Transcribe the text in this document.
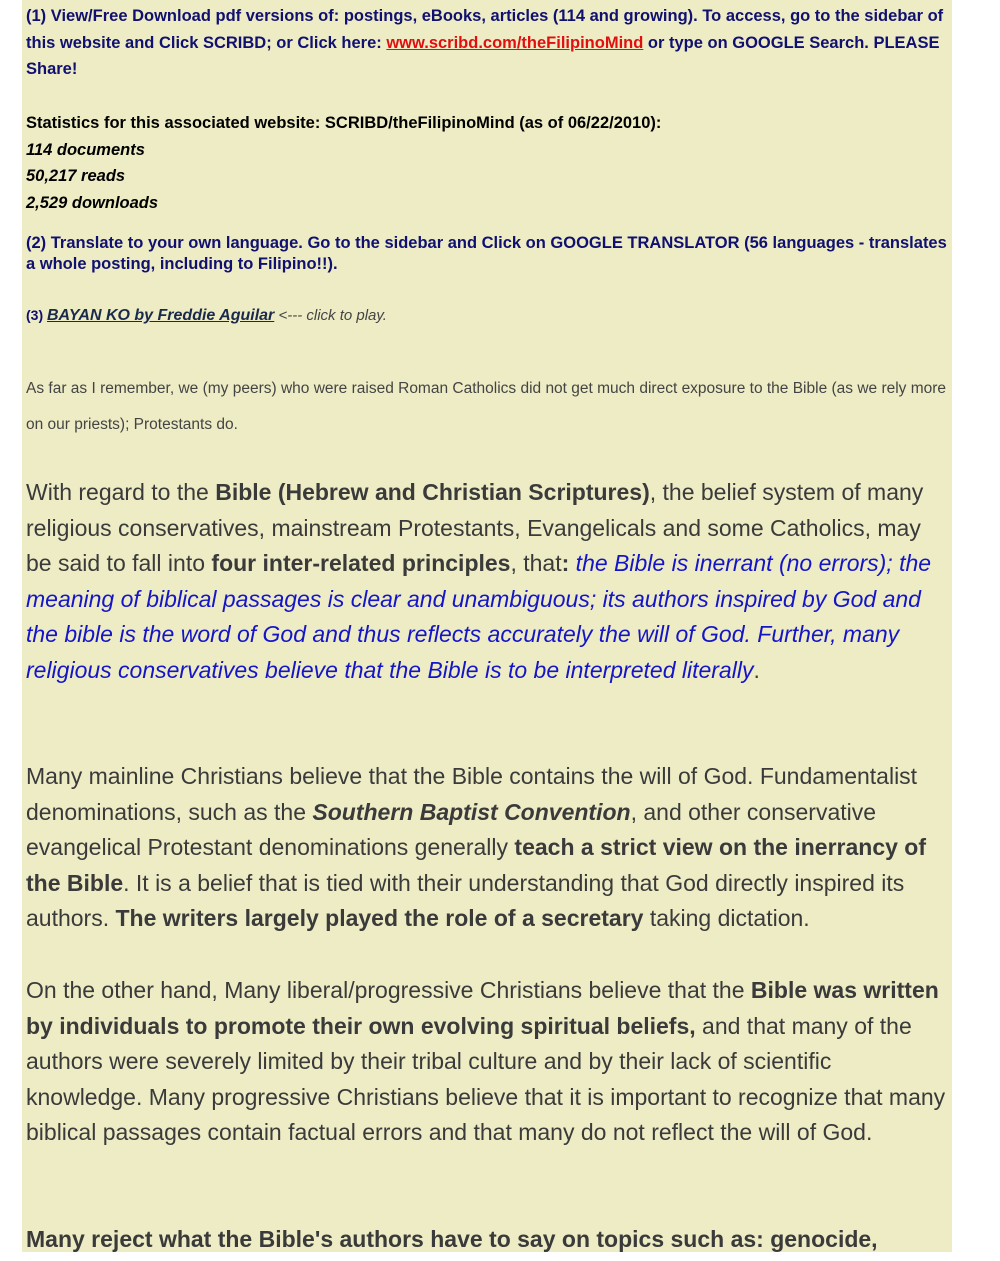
(1) View/Free Download pdf versions of: postings, eBooks, articles (114 and growing). To access, go to the sidebar of this website and Click SCRIBD; or Click here: www.scribd.com/theFilipinoMind or type on GOOGLE Search. PLEASE Share!
Statistics for this associated website: SCRIBD/theFilipinoMind (as of 06/22/2010):
114 documents
50,217 reads
2,529 downloads
(2) Translate to your own language. Go to the sidebar and Click on GOOGLE TRANSLATOR (56 languages - translates a whole posting, including to Filipino!!).
(3) BAYAN KO by Freddie Aguilar <--- click to play.
As far as I remember, we (my peers) who were raised Roman Catholics did not get much direct exposure to the Bible (as we rely more on our priests); Protestants do.
With regard to the Bible (Hebrew and Christian Scriptures), the belief system of many religious conservatives, mainstream Protestants, Evangelicals and some Catholics, may be said to fall into four inter-related principles, that: the Bible is inerrant (no errors); the meaning of biblical passages is clear and unambiguous; its authors inspired by God and the bible is the word of God and thus reflects accurately the will of God. Further, many religious conservatives believe that the Bible is to be interpreted literally.
Many mainline Christians believe that the Bible contains the will of God. Fundamentalist denominations, such as the Southern Baptist Convention, and other conservative evangelical Protestant denominations generally teach a strict view on the inerrancy of the Bible. It is a belief that is tied with their understanding that God directly inspired its authors. The writers largely played the role of a secretary taking dictation.
On the other hand, Many liberal/progressive Christians believe that the Bible was written by individuals to promote their own evolving spiritual beliefs, and that many of the authors were severely limited by their tribal culture and by their lack of scientific knowledge. Many progressive Christians believe that it is important to recognize that many biblical passages contain factual errors and that many do not reflect the will of God.
Many reject what the Bible's authors have to say on topics such as: genocide,
